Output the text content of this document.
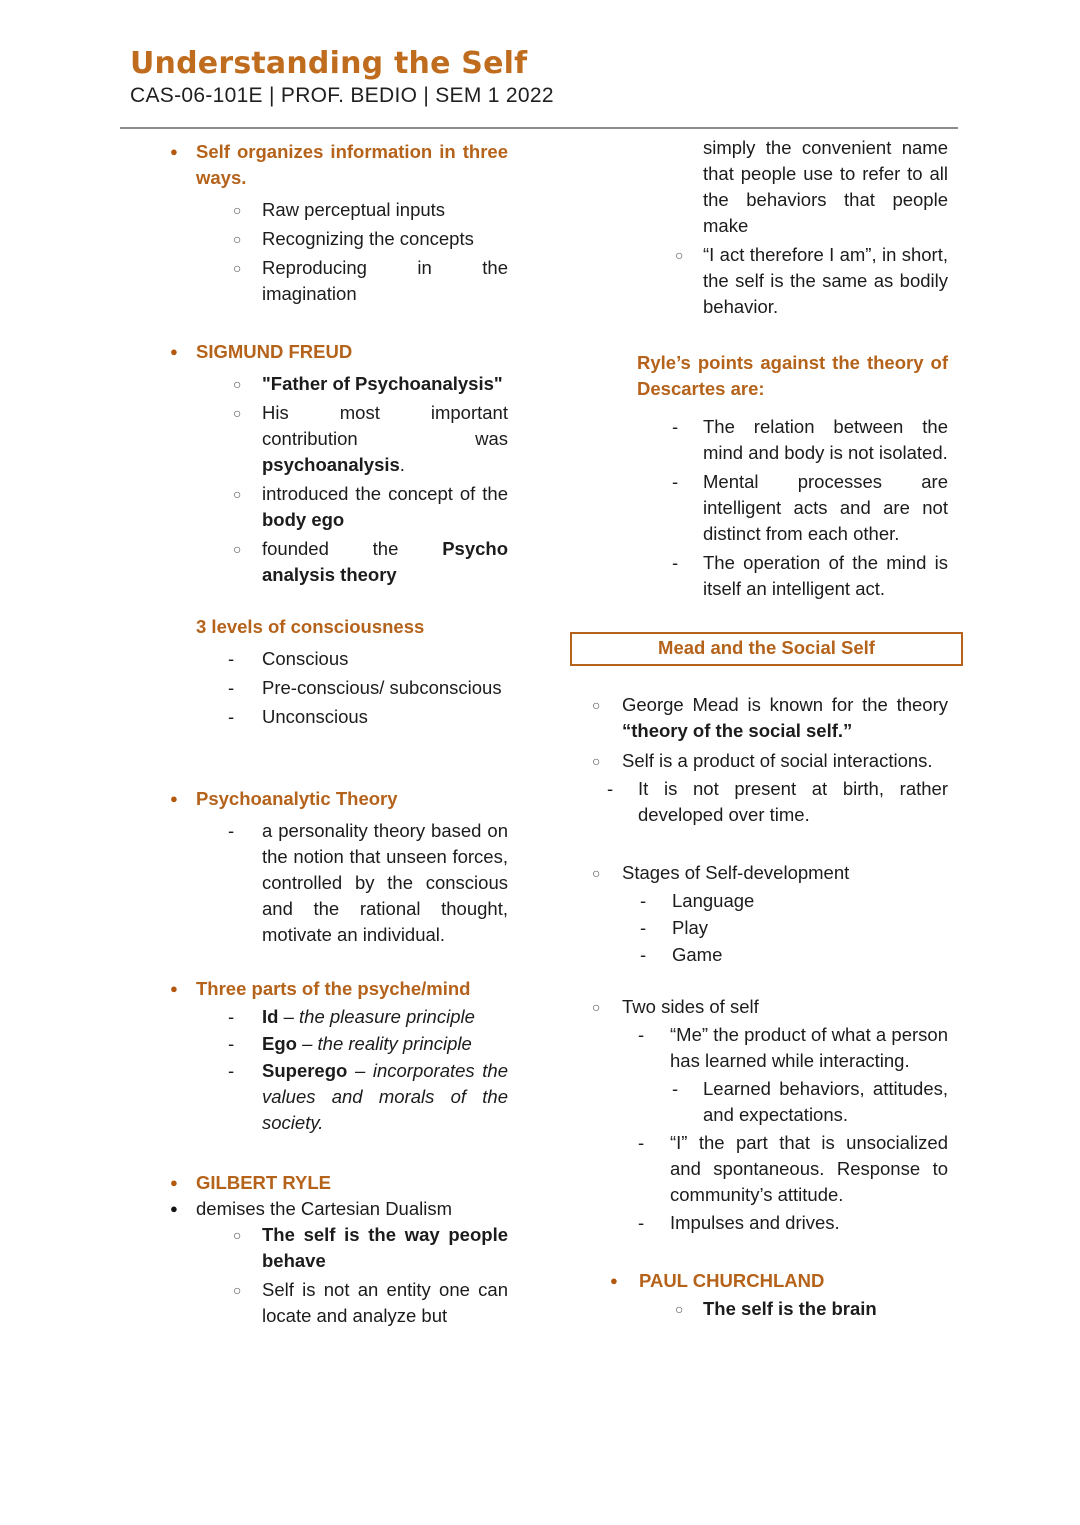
Understanding the Self
CAS-06-101E | PROF. BEDIO | SEM 1 2022
● Self organizes information in three ways.
○	Raw perceptual inputs
○	Recognizing the concepts
○	Reproducing in the imagination
● SIGMUND FREUD
○	"Father of Psychoanalysis"
○	His most important contribution was psychoanalysis.
○	introduced the concept of the body ego
○	founded the Psycho analysis theory
3 levels of consciousness
-	Conscious
-	Pre-conscious/ subconscious
-	Unconscious
● Psychoanalytic Theory
-	a personality theory based on the notion that unseen forces, controlled by the conscious and the rational thought, motivate an individual.
● Three parts of the psyche/mind
-	Id – the pleasure principle
-	Ego – the reality principle
-	Superego – incorporates the values and morals of the society.
● GILBERT RYLE
● demises the Cartesian Dualism
○	The self is the way people behave
○	Self is not an entity one can locate and analyze but
simply the convenient name that people use to refer to all the behaviors that people make
○	“I act therefore I am”, in short, the self is the same as bodily behavior.
Ryle’s points against the theory of Descartes are:
-	The relation between the mind and body is not isolated.
-	Mental processes are intelligent acts and are not distinct from each other.
-	The operation of the mind is itself an intelligent act.
Mead and the Social Self
○	George Mead is known for the theory “theory of the social self.”
○	Self is a product of social interactions.
-	It is not present at birth, rather developed over time.
○	Stages of Self-development
-	Language
-	Play
-	Game
○	Two sides of self
-	“Me” the product of what a person has learned while interacting.
-	Learned behaviors, attitudes, and expectations.
-	“I” the part that is unsocialized and spontaneous. Response to community’s attitude.
-	Impulses and drives.
●	PAUL CHURCHLAND
○	The self is the brain
